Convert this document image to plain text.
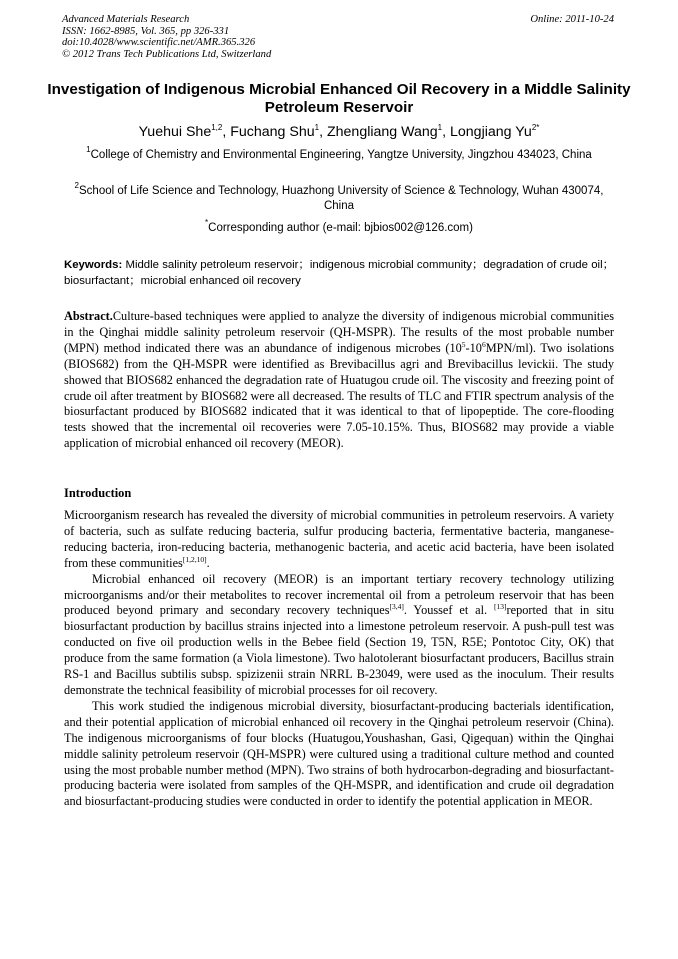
Advanced Materials Research
ISSN: 1662-8985, Vol. 365, pp 326-331
doi:10.4028/www.scientific.net/AMR.365.326
© 2012 Trans Tech Publications Ltd, Switzerland
Online: 2011-10-24
Investigation of Indigenous Microbial Enhanced Oil Recovery in a Middle Salinity Petroleum Reservoir
Yuehui She$^{1,2}$, Fuchang Shu$^1$, Zhengliang Wang$^1$, Longjiang $Yu^{2*}$
$^1$College of Chemistry and Environmental Engineering, Yangtze University, Jingzhou 434023, China
$^2$School of Life Science and Technology, Huazhong University of Science & Technology, Wuhan 430074, China
*Corresponding author (e-mail: bjbios002@126.com)
Keywords: Middle salinity petroleum reservoir；indigenous microbial community；degradation of crude oil；biosurfactant；microbial enhanced oil recovery
Abstract.Culture-based techniques were applied to analyze the diversity of indigenous microbial communities in the Qinghai middle salinity petroleum reservoir (QH-MSPR). The results of the most probable number (MPN) method indicated there was an abundance of indigenous microbes $(10^5-10^6MPN/ml)$. Two isolations (BIOS682) from the QH-MSPR were identified as Brevibacillus agri and Brevibacillus levickii. The study showed that BIOS682 enhanced the degradation rate of Huatugou crude oil. The viscosity and freezing point of crude oil after treatment by BIOS682 were all decreased. The results of TLC and FTIR spectrum analysis of the biosurfactant produced by BIOS682 indicated that it was identical to that of lipopeptide. The core-flooding tests showed that the incremental oil recoveries were 7.05-10.15%. Thus, BIOS682 may provide a viable application of microbial enhanced oil recovery (MEOR).
Introduction

Microorganism research has revealed the diversity of microbial communities in petroleum reservoirs. A variety of bacteria, such as sulfate reducing bacteria, sulfur producing bacteria, fermentative bacteria, manganese-reducing bacteria, iron-reducing bacteria, methanogenic bacteria, and acetic acid bacteria, have been isolated from these communities[1,2,10].

Microbial enhanced oil recovery (MEOR) is an important tertiary recovery technology utilizing microorganisms and/or their metabolites to recover incremental oil from a petroleum reservoir that has been produced beyond primary and secondary recovery techniques[3,4]. Youssef et al. [13]reported that in situ biosurfactant production by bacillus strains injected into a limestone petroleum reservoir. A push-pull test was conducted on five oil production wells in the Bebee field (Section 19, T5N, R5E; Pontotoc City, OK) that produce from the same formation (a Viola limestone). Two halotolerant biosurfactant producers, Bacillus strain RS-1 and Bacillus subtilis subsp. spizizenii strain NRRL B-23049, were used as the inoculum. Their results demonstrate the technical feasibility of microbial processes for oil recovery.

This work studied the indigenous microbial diversity, biosurfactant-producing bacterials identification, and their potential application of microbial enhanced oil recovery in the Qinghai petroleum reservoir (China). The indigenous microorganisms of four blocks (Huatugou,Youshashan, Gasi, Qigequan) within the Qinghai middle salinity petroleum reservoir (QH-MSPR) were cultured using a traditional culture method and counted using the most probable number method (MPN). Two strains of both hydrocarbon-degrading and biosurfactant-producing bacteria were isolated from samples of the QH-MSPR, and identification and crude oil degradation and biosurfactant-producing studies were conducted in order to identify the potential application in MEOR.
